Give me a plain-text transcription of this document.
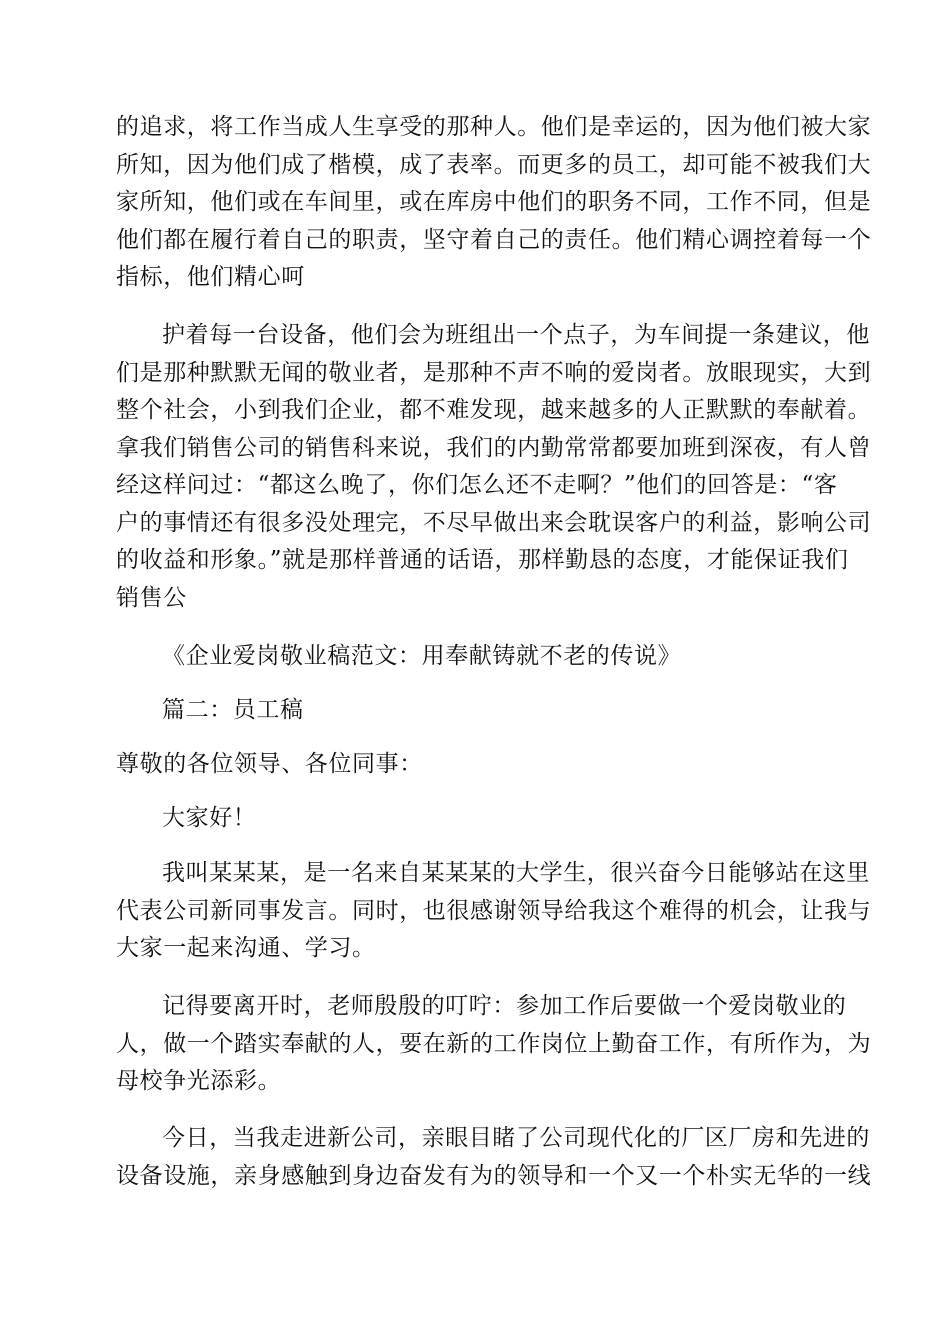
的追求，将工作当成人生享受的那种人。他们是幸运的，因为他们被大家
所知，因为他们成了楷模，成了表率。而更多的员工，却可能不被我们大
家所知，他们或在车间里，或在库房中他们的职务不同，工作不同，但是
他们都在履行着自己的职责，坚守着自己的责任。他们精心调控着每一个
指标，他们精心呵
护着每一台设备，他们会为班组出一个点子，为车间提一条建议，他
们是那种默默无闻的敬业者，是那种不声不响的爱岗者。放眼现实，大到
整个社会，小到我们企业，都不难发现，越来越多的人正默默的奉献着。
拿我们销售公司的销售科来说，我们的内勤常常都要加班到深夜，有人曾
经这样问过：“都这么晚了，你们怎么还不走啊？”他们的回答是：“客
户的事情还有很多没处理完，不尽早做出来会耽误客户的利益，影响公司
的收益和形象。”就是那样普通的话语，那样勤恳的态度，才能保证我们
销售公
《企业爱岗敬业稿范文：用奉献铸就不老的传说》
篇二：员工稿
尊敬的各位领导、各位同事：
大家好！
我叫某某某，是一名来自某某某的大学生，很兴奋今日能够站在这里
代表公司新同事发言。同时，也很感谢领导给我这个难得的机会，让我与
大家一起来沟通、学习。
记得要离开时，老师殷殷的叮咛：参加工作后要做一个爱岗敬业的
人，做一个踏实奉献的人，要在新的工作岗位上勤奋工作，有所作为，为
母校争光添彩。
今日，当我走进新公司，亲眼目睹了公司现代化的厂区厂房和先进的
设备设施，亲身感触到身边奋发有为的领导和一个又一个朴实无华的一线
